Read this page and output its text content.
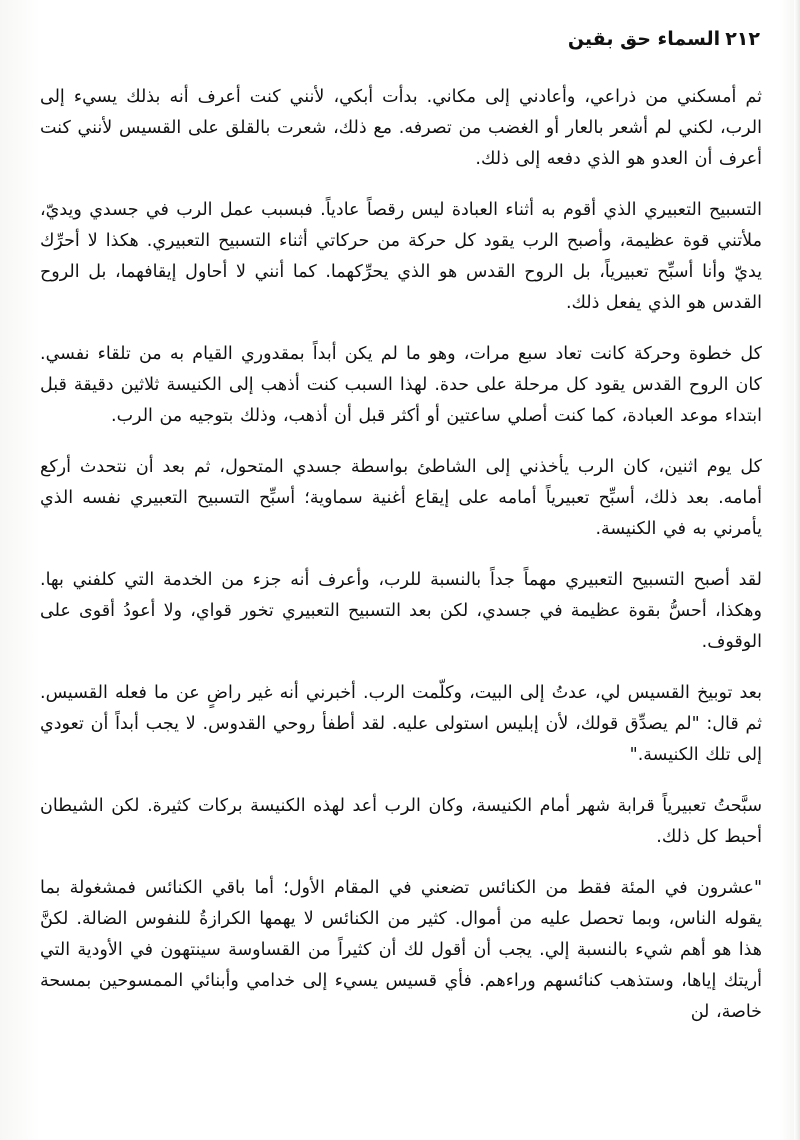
٢١٢ السماء حق بقين

ثم أمسكني من ذراعي، وأعادني إلى مكاني. بدأت أبكي، لأنني كنت أعرف أنه بذلك يسيء إلى الرب، لكني لم أشعر بالعار أو الغضب من تصرفه. مع ذلك، شعرت بالقلق على القسيس لأنني كنت أعرف أن العدو هو الذي دفعه إلى ذلك.

التسبيح التعبيري الذي أقوم به أثناء العبادة ليس رقصاً عادياً. فبسبب عمل الرب في جسدي ويديّ، ملأتني قوة عظيمة، وأصبح الرب يقود كل حركة من حركاتي أثناء التسبيح التعبيري. هكذا لا أحرِّك يديّ وأنا أسبِّح تعبيرياً، بل الروح القدس هو الذي يحرِّكهما. كما أنني لا أحاول إيقافهما، بل الروح القدس هو الذي يفعل ذلك.

كل خطوة وحركة كانت تعاد سبع مرات، وهو ما لم يكن أبداً بمقدوري القيام به من تلقاء نفسي. كان الروح القدس يقود كل مرحلة على حدة. لهذا السبب كنت أذهب إلى الكنيسة ثلاثين دقيقة قبل ابتداء موعد العبادة، كما كنت أصلي ساعتين أو أكثر قبل أن أذهب، وذلك بتوجيه من الرب.

كل يوم اثنين، كان الرب يأخذني إلى الشاطئ بواسطة جسدي المتحول، ثم بعد أن نتحدث أركع أمامه. بعد ذلك، أسبِّح تعبيرياً أمامه على إيقاع أغنية سماوية؛ أسبِّح التسبيح التعبيري نفسه الذي يأمرني به في الكنيسة.

لقد أصبح التسبيح التعبيري مهماً جداً بالنسبة للرب، وأعرف أنه جزء من الخدمة التي كلفني بها. وهكذا، أحسُّ بقوة عظيمة في جسدي، لكن بعد التسبيح التعبيري تخور قواي، ولا أعودُ أقوى على الوقوف.

بعد توبيخ القسيس لي، عدتُ إلى البيت، وكلّمت الرب. أخبرني أنه غير راضٍ عن ما فعله القسيس. ثم قال: "لم يصدِّق قولك، لأن إبليس استولى عليه. لقد أطفأ روحي القدوس. لا يجب أبداً أن تعودي إلى تلك الكنيسة."

سبَّحتُ تعبيرياً قرابة شهر أمام الكنيسة، وكان الرب أعد لهذه الكنيسة بركات كثيرة. لكن الشيطان أحبط كل ذلك.

"عشرون في المئة فقط من الكنائس تضعني في المقام الأول؛ أما باقي الكنائس فمشغولة بما يقوله الناس، وبما تحصل عليه من أموال. كثير من الكنائس لا يهمها الكرازةُ للنفوس الضالة. لكنَّ هذا هو أهم شيء بالنسبة إلي. يجب أن أقول لك أن كثيراً من القساوسة سينتهون في الأودية التي أريتك إياها، وستذهب كنائسهم وراءهم. فأي قسيس يسيء إلى خدامي وأبنائي الممسوحين بمسحة خاصة، لن
